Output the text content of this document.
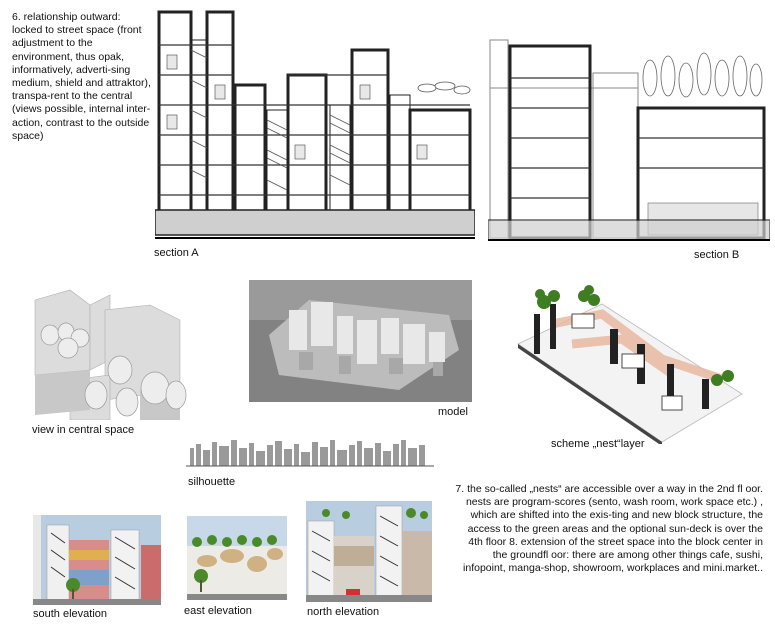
6. relationship outward: locked to street space (front adjustment to the environment, thus opak, informatively, adverti-sing medium, shield and attraktor), transpa-rent to the central (views possible, internal inter-action, contrast to the outside space)
section A	section B
view in central space
model
scheme „nest“layer
silhouette
7. the so-called „nests“ are accessible over a way in the 2nd fl oor. nests are program-scores (sento, wash room, work space etc.) , which are shifted into the exis-ting and new block structure, the access to the green areas and the optional sun-deck is over the 4th floor 8. extension of the street space into the block center in the groundfl oor: there are among other things cafe, sushi, infopoint, manga-shop, showroom, workplaces and mini.market..
south elevation	east elevation	north elevation
